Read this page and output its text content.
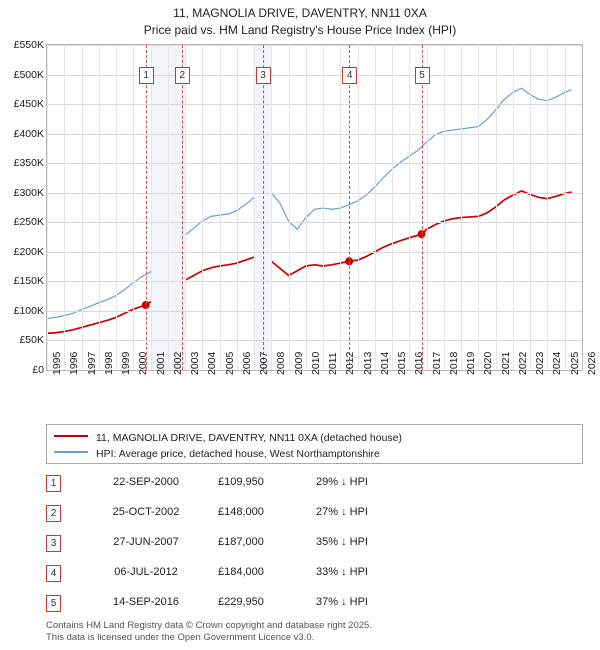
11, MAGNOLIA DRIVE, DAVENTRY, NN11 0XA
Price paid vs. HM Land Registry's House Price Index (HPI)
£0
£50K
£100K
£150K
£200K
£250K
£300K
£350K
£400K
£450K
£500K
£550K
1	2	3	4	5
1995 1996 1997 1998 1999 2000 2001 2002 2003 2004 2005 2006 2007 2008 2009 2010 2011 2012 2013 2014 2015 2016 2017 2018 2019 2020 2021 2022 2023 2024 2025 2026
11, MAGNOLIA DRIVE, DAVENTRY, NN11 0XA (detached house)
HPI: Average price, detached house, West Northamptonshire
1	22-SEP-2000	£109,950	29% ↓ HPI
2	25-OCT-2002	£148,000	27% ↓ HPI
3	27-JUN-2007	£187,000	35% ↓ HPI
4	06-JUL-2012	£184,000	33% ↓ HPI
5	14-SEP-2016	£229,950	37% ↓ HPI
Contains HM Land Registry data © Crown copyright and database right 2025.
This data is licensed under the Open Government Licence v3.0.
